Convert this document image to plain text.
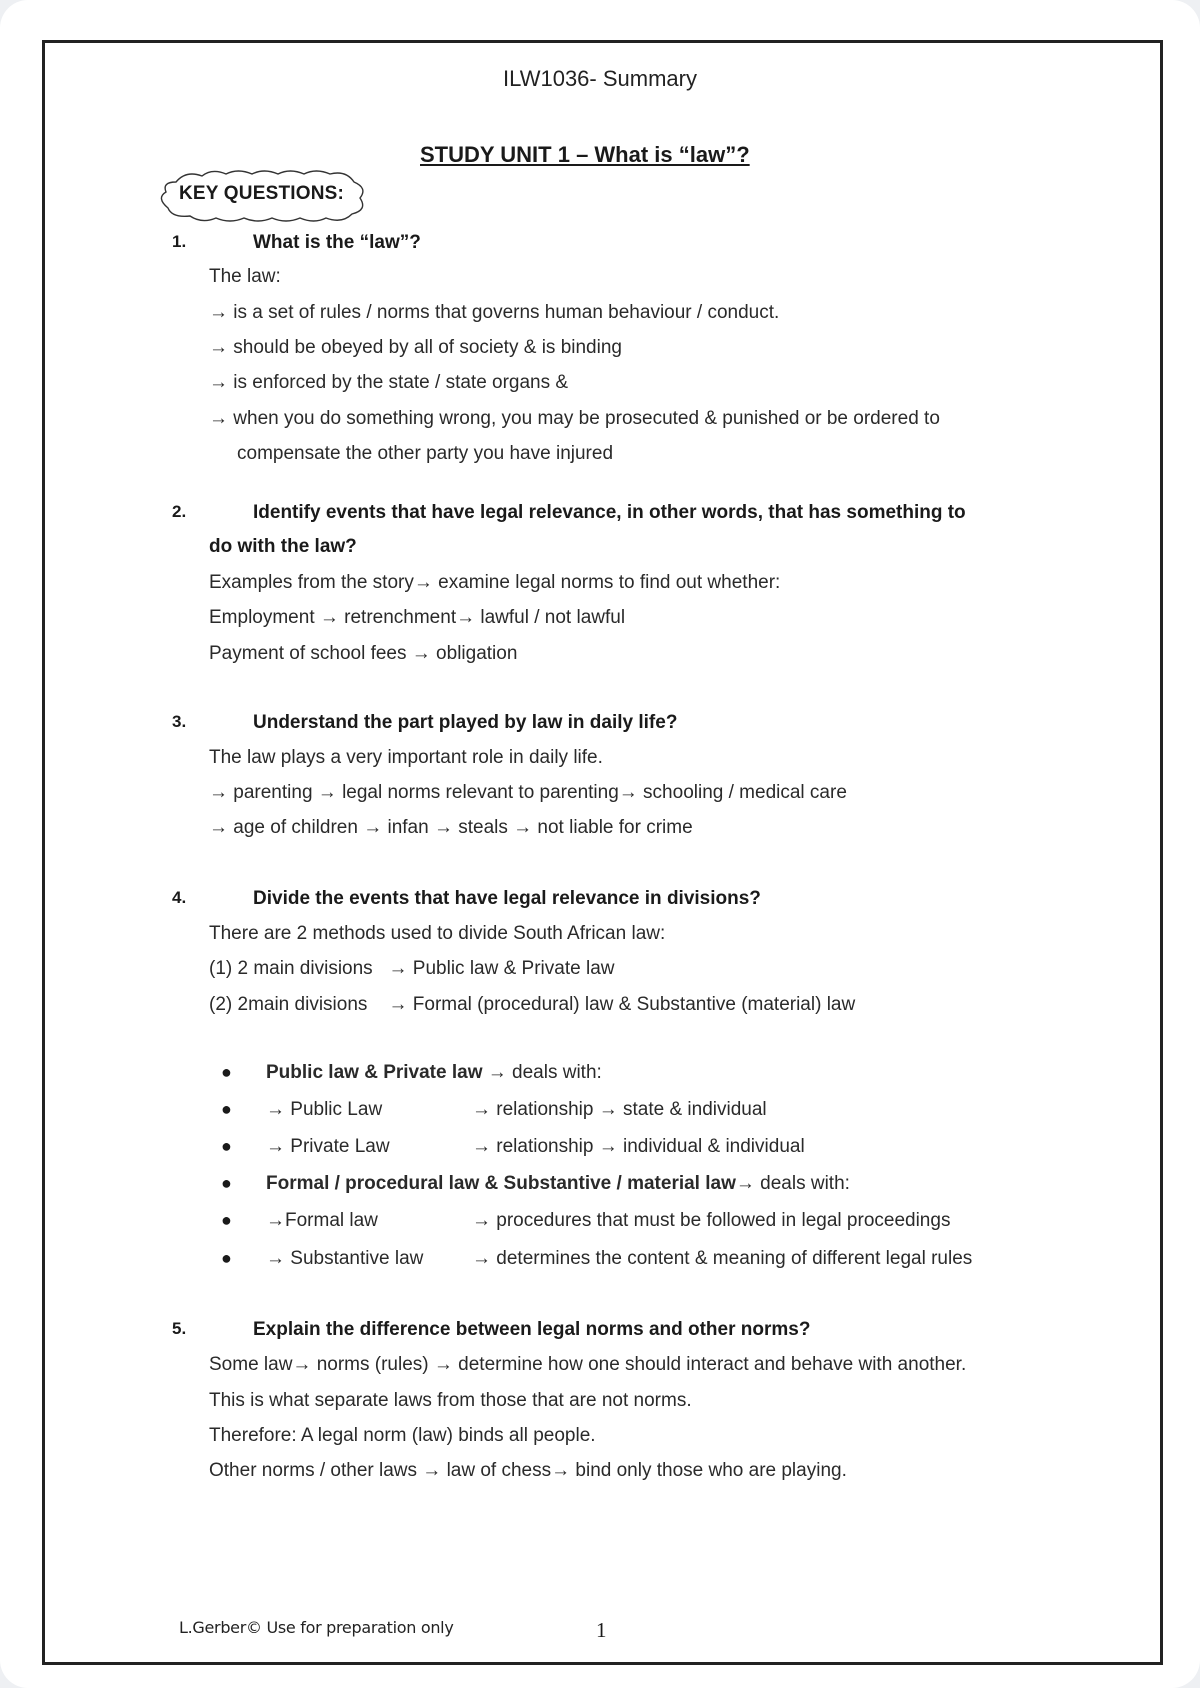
ILW1036- Summary
STUDY UNIT 1 – What is “law”?
KEY QUESTIONS:
1.	What is the “law”?
The law:
→ is a set of rules / norms that governs human behaviour / conduct.
→ should be obeyed by all of society & is binding
→ is enforced by the state / state organs &
→ when you do something wrong, you may be prosecuted & punished or be ordered to
compensate the other party you have injured
2.	Identify events that have legal relevance, in other words, that has something to
do with the law?
Examples from the story→ examine legal norms to find out whether:
Employment → retrenchment→ lawful / not lawful
Payment of school fees → obligation
3.	Understand the part played by law in daily life?
The law plays a very important role in daily life.
→ parenting → legal norms relevant to parenting→ schooling / medical care
→ age of children → infan → steals → not liable for crime
4.	Divide the events that have legal relevance in divisions?
There are 2 methods used to divide South African law:
(1) 2 main divisions   → Public law & Private law
(2) 2main divisions    → Formal (procedural) law & Substantive (material) law
● Public law & Private law → deals with:
● → Public Law	→ relationship → state & individual
● → Private Law	→ relationship → individual & individual
● Formal / procedural law & Substantive / material law→ deals with:
● →Formal law	→ procedures that must be followed in legal proceedings
● → Substantive law	→ determines the content & meaning of different legal rules
5.	Explain the difference between legal norms and other norms?
Some law→ norms (rules) → determine how one should interact and behave with another.
This is what separate laws from those that are not norms.
Therefore: A legal norm (law) binds all people.
Other norms / other laws → law of chess→ bind only those who are playing.
L.Gerber© Use for preparation only	1
